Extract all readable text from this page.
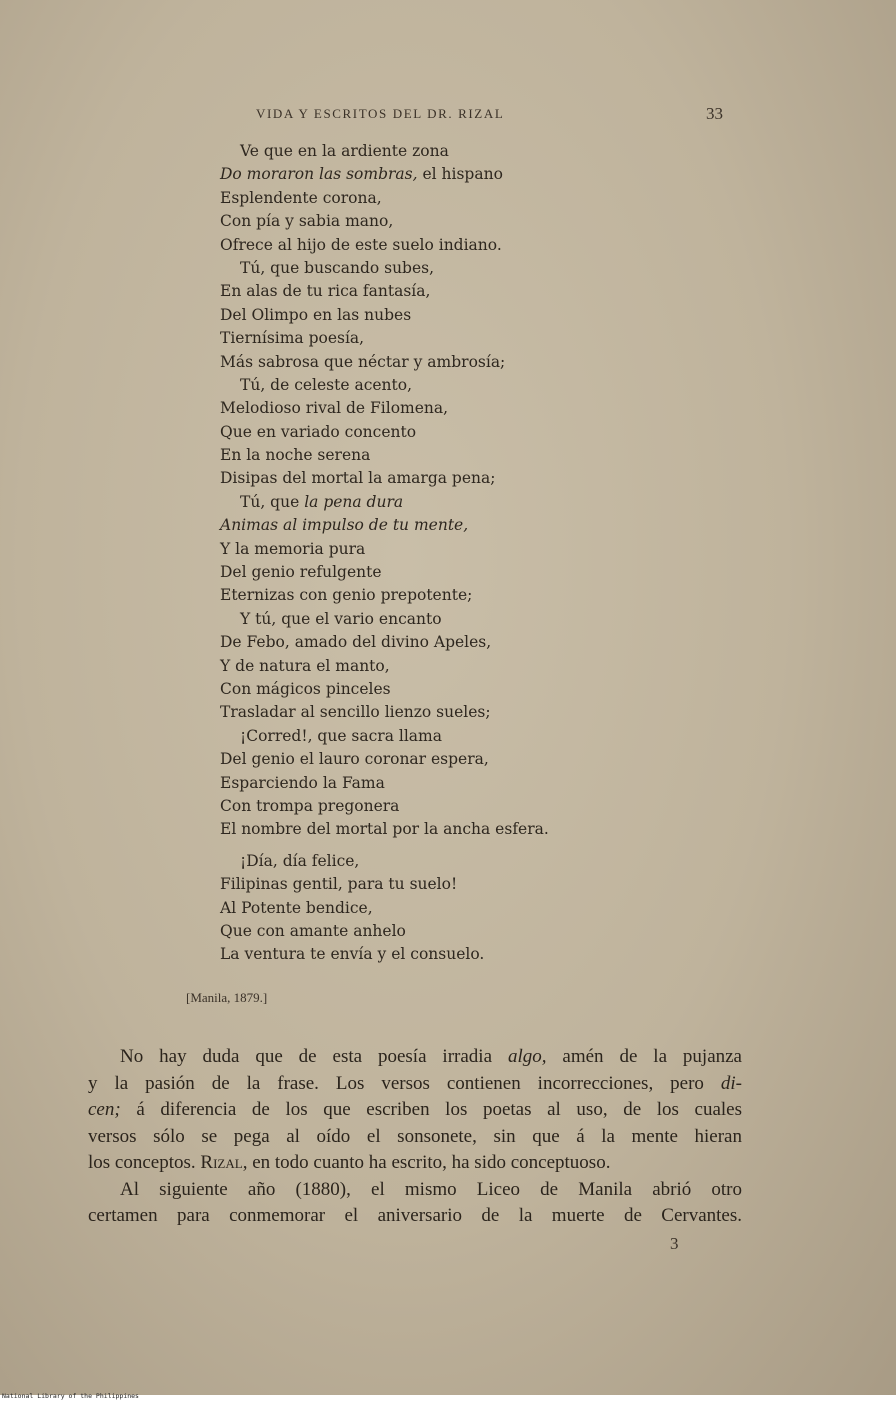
VIDA Y ESCRITOS DEL DR. RIZAL	33
Ve que en la ardiente zona
Do moraron las sombras, el hispano
Esplendente corona,
Con pía y sabia mano,
Ofrece al hijo de este suelo indiano.
Tú, que buscando subes,
En alas de tu rica fantasía,
Del Olimpo en las nubes
Tiernísima poesía,
Más sabrosa que néctar y ambrosía;
Tú, de celeste acento,
Melodioso rival de Filomena,
Que en variado concento
En la noche serena
Disipas del mortal la amarga pena;
Tú, que la pena dura
Animas al impulso de tu mente,
Y la memoria pura
Del genio refulgente
Eternizas con genio prepotente;
Y tú, que el vario encanto
De Febo, amado del divino Apeles,
Y de natura el manto,
Con mágicos pinceles
Trasladar al sencillo lienzo sueles;
¡Corred!, que sacra llama
Del genio el lauro coronar espera,
Esparciendo la Fama
Con trompa pregonera
El nombre del mortal por la ancha esfera.
¡Día, día felice,
Filipinas gentil, para tu suelo!
Al Potente bendice,
Que con amante anhelo
La ventura te envía y el consuelo.
[Manila, 1879.]
No hay duda que de esta poesía irradia algo, amén de la pujanza
y la pasión de la frase. Los versos contienen incorrecciones, pero di-
cen; á diferencia de los que escriben los poetas al uso, de los cuales
versos sólo se pega al oído el sonsonete, sin que á la mente hieran
los conceptos. Rizal, en todo cuanto ha escrito, ha sido conceptuoso.
Al siguiente año (1880), el mismo Liceo de Manila abrió otro
certamen para conmemorar el aniversario de la muerte de Cervantes.
3
National Library of the Philippines
